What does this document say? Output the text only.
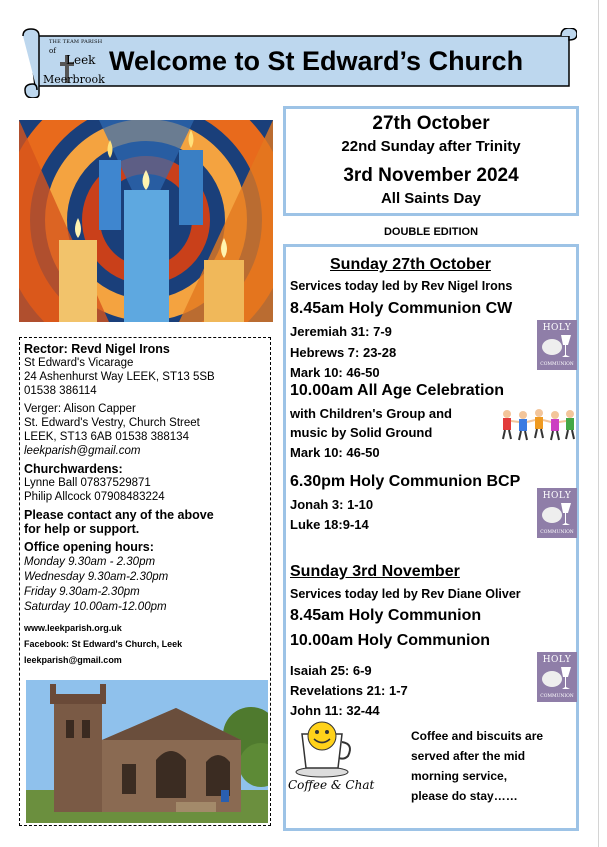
THE TEAM PARISH
of
Leek
Meerbrook
Welcome to St Edward’s Church
Rector: Revd Nigel Irons
St Edward's Vicarage
24 Ashenhurst Way LEEK, ST13 5SB
01538 386114
Verger: Alison Capper
St. Edward's Vestry, Church Street
LEEK, ST13 6AB 01538 388134
leekparish@gmail.com
Churchwardens:
Lynne Ball 07837529871
Philip Allcock 07908483224
Please contact any of the above
for help or support.
Office opening hours:
Monday 9.30am - 2.30pm
Wednesday 9.30am-2.30pm
Friday 9.30am-2.30pm
Saturday 10.00am-12.00pm
www.leekparish.org.uk
Facebook: St Edward's Church, Leek
leekparish@gmail.com
27th October
22nd Sunday after Trinity
3rd November 2024
All Saints Day
DOUBLE EDITION
Sunday 27th October
Services today led by Rev Nigel Irons
8.45am Holy Communion CW
Jeremiah 31: 7-9
Hebrews 7: 23-28
Mark 10: 46-50
10.00am All Age Celebration
with Children's Group and
music by Solid Ground
Mark 10: 46-50
6.30pm Holy Communion BCP
Jonah 3: 1-10
Luke 18:9-14
Sunday 3rd November
Services today led by Rev Diane Oliver
8.45am Holy Communion
10.00am Holy Communion
Isaiah 25: 6-9
Revelations 21: 1-7
John 11: 32-44
Coffee and biscuits are
served after the mid
morning service,
please do stay……
HOLY
COMMUNION
HOLY
COMMUNION
HOLY
COMMUNION
Coffee & Chat
